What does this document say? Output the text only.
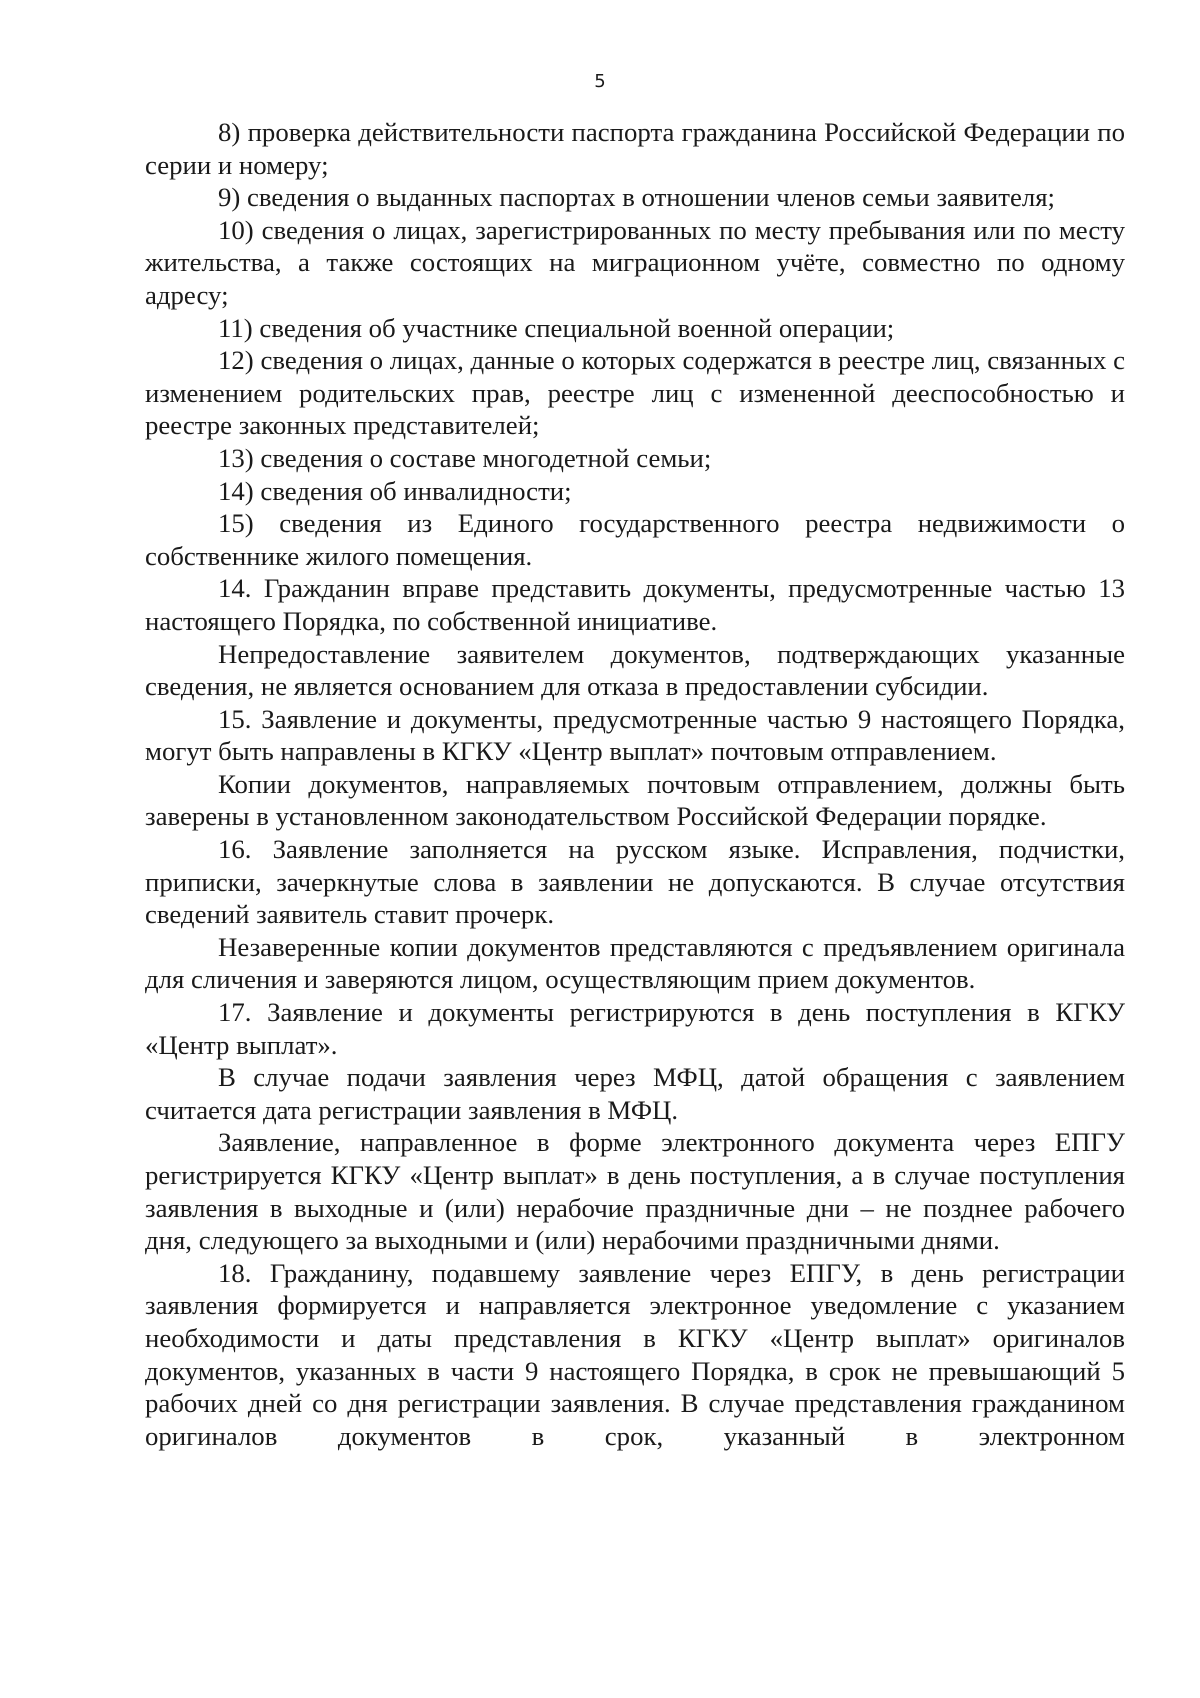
5

8) проверка действительности паспорта гражданина Российской Федерации по серии и номеру;

9) сведения о выданных паспортах в отношении членов семьи заявителя;

10) сведения о лицах, зарегистрированных по месту пребывания или по месту жительства, а также состоящих на миграционном учёте, совместно по одному адресу;

11) сведения об участнике специальной военной операции;

12) сведения о лицах, данные о которых содержатся в реестре лиц, связанных с изменением родительских прав, реестре лиц с измененной дееспособностью и реестре законных представителей;

13) сведения о составе многодетной семьи;

14) сведения об инвалидности;

15) сведения из Единого государственного реестра недвижимости о собственнике жилого помещения.

14. Гражданин вправе представить документы, предусмотренные частью 13 настоящего Порядка, по собственной инициативе.

Непредоставление заявителем документов, подтверждающих указанные сведения, не является основанием для отказа в предоставлении субсидии.

15. Заявление и документы, предусмотренные частью 9 настоящего Порядка, могут быть направлены в КГКУ «Центр выплат» почтовым отправлением.

Копии документов, направляемых почтовым отправлением, должны быть заверены в установленном законодательством Российской Федерации порядке.

16. Заявление заполняется на русском языке. Исправления, подчистки, приписки, зачеркнутые слова в заявлении не допускаются. В случае отсутствия сведений заявитель ставит прочерк.

Незаверенные копии документов представляются с предъявлением оригинала для сличения и заверяются лицом, осуществляющим прием документов.

17. Заявление и документы регистрируются в день поступления в КГКУ «Центр выплат».

В случае подачи заявления через МФЦ, датой обращения с заявлением считается дата регистрации заявления в МФЦ.

Заявление, направленное в форме электронного документа через ЕПГУ регистрируется КГКУ «Центр выплат» в день поступления, а в случае поступления заявления в выходные и (или) нерабочие праздничные дни – не позднее рабочего дня, следующего за выходными и (или) нерабочими праздничными днями.

18. Гражданину, подавшему заявление через ЕПГУ, в день регистрации заявления формируется и направляется электронное уведомление с указанием необходимости и даты представления в КГКУ «Центр выплат» оригиналов документов, указанных в части 9 настоящего Порядка, в срок не превышающий 5 рабочих дней со дня регистрации заявления. В случае представления гражданином оригиналов документов в срок, указанный в электронном
